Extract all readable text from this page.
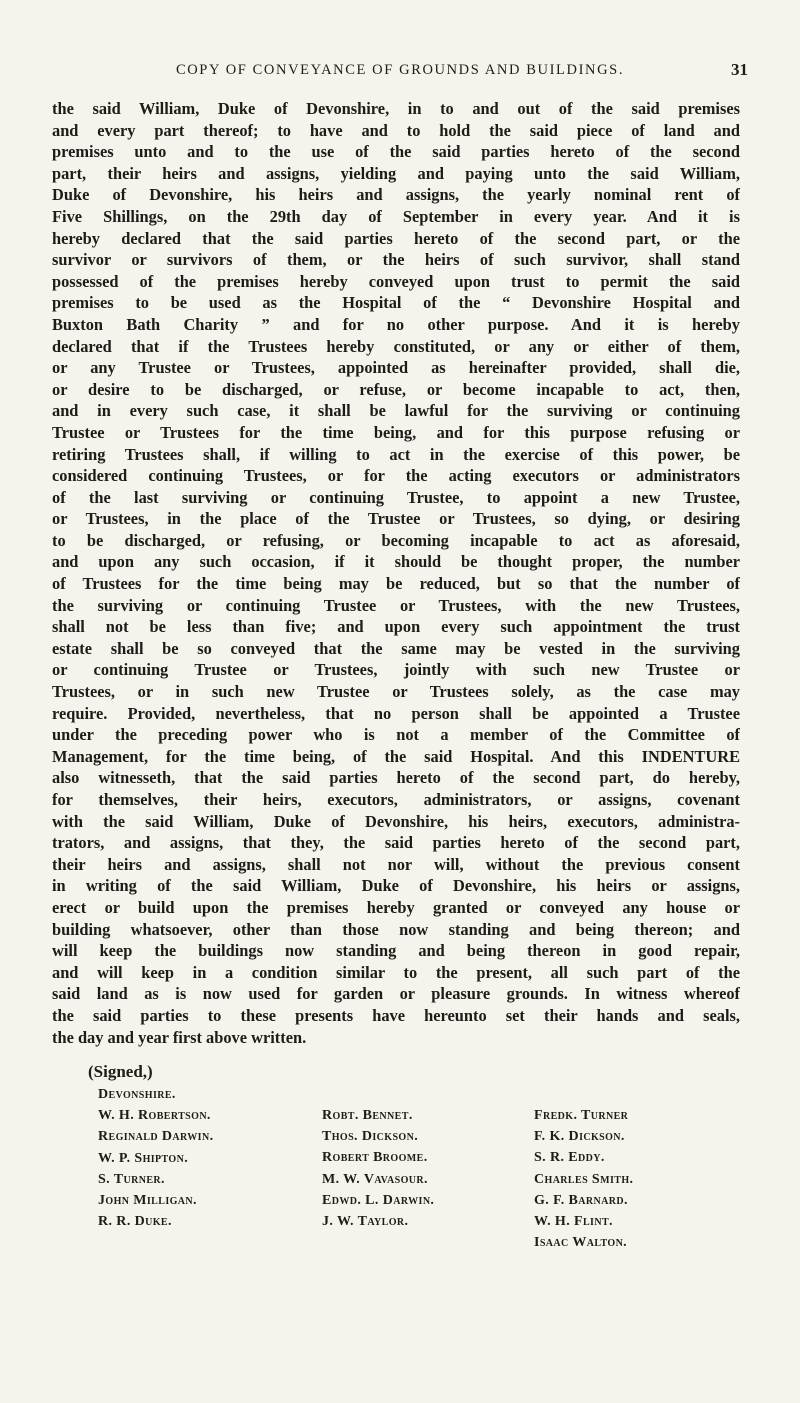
COPY OF CONVEYANCE OF GROUNDS AND BUILDINGS.	31
the said William, Duke of Devonshire, in to and out of the said premises
and every part thereof; to have and to hold the said piece of land and
premises unto and to the use of the said parties hereto of the second
part, their heirs and assigns, yielding and paying unto the said William,
Duke of Devonshire, his heirs and assigns, the yearly nominal rent of
Five Shillings, on the 29th day of September in every year. And it is
hereby declared that the said parties hereto of the second part, or the
survivor or survivors of them, or the heirs of such survivor, shall stand
possessed of the premises hereby conveyed upon trust to permit the said
premises to be used as the Hospital of the “ Devonshire Hospital and
Buxton Bath Charity ” and for no other purpose. And it is hereby
declared that if the Trustees hereby constituted, or any or either of them,
or any Trustee or Trustees, appointed as hereinafter provided, shall die,
or desire to be discharged, or refuse, or become incapable to act, then,
and in every such case, it shall be lawful for the surviving or continuing
Trustee or Trustees for the time being, and for this purpose refusing or
retiring Trustees shall, if willing to act in the exercise of this power, be
considered continuing Trustees, or for the acting executors or administrators
of the last surviving or continuing Trustee, to appoint a new Trustee,
or Trustees, in the place of the Trustee or Trustees, so dying, or desiring
to be discharged, or refusing, or becoming incapable to act as aforesaid,
and upon any such occasion, if it should be thought proper, the number
of Trustees for the time being may be reduced, but so that the number of
the surviving or continuing Trustee or Trustees, with the new Trustees,
shall not be less than five; and upon every such appointment the trust
estate shall be so conveyed that the same may be vested in the surviving
or continuing Trustee or Trustees, jointly with such new Trustee or
Trustees, or in such new Trustee or Trustees solely, as the case may
require. Provided, nevertheless, that no person shall be appointed a Trustee
under the preceding power who is not a member of the Committee of
Management, for the time being, of the said Hospital. And this INDENTURE
also witnesseth, that the said parties hereto of the second part, do hereby,
for themselves, their heirs, executors, administrators, or assigns, covenant
with the said William, Duke of Devonshire, his heirs, executors, administra-
trators, and assigns, that they, the said parties hereto of the second part,
their heirs and assigns, shall not nor will, without the previous consent
in writing of the said William, Duke of Devonshire, his heirs or assigns,
erect or build upon the premises hereby granted or conveyed any house or
building whatsoever, other than those now standing and being thereon; and
will keep the buildings now standing and being thereon in good repair,
and will keep in a condition similar to the present, all such part of the
said land as is now used for garden or pleasure grounds. In witness whereof
the said parties to these presents have hereunto set their hands and seals,
the day and year first above written.
(Signed,)
Devonshire.
W. H. Robertson.
Reginald Darwin.
W. P. Shipton.
S. Turner.
John Milligan.
R. R. Duke.
Robt. Bennet.
Thos. Dickson.
Robert Broome.
M. W. Vavasour.
Edwd. L. Darwin.
J. W. Taylor.
Fredk. Turner
F. K. Dickson.
S. R. Eddy.
Charles Smith.
G. F. Barnard.
W. H. Flint.
Isaac Walton.
